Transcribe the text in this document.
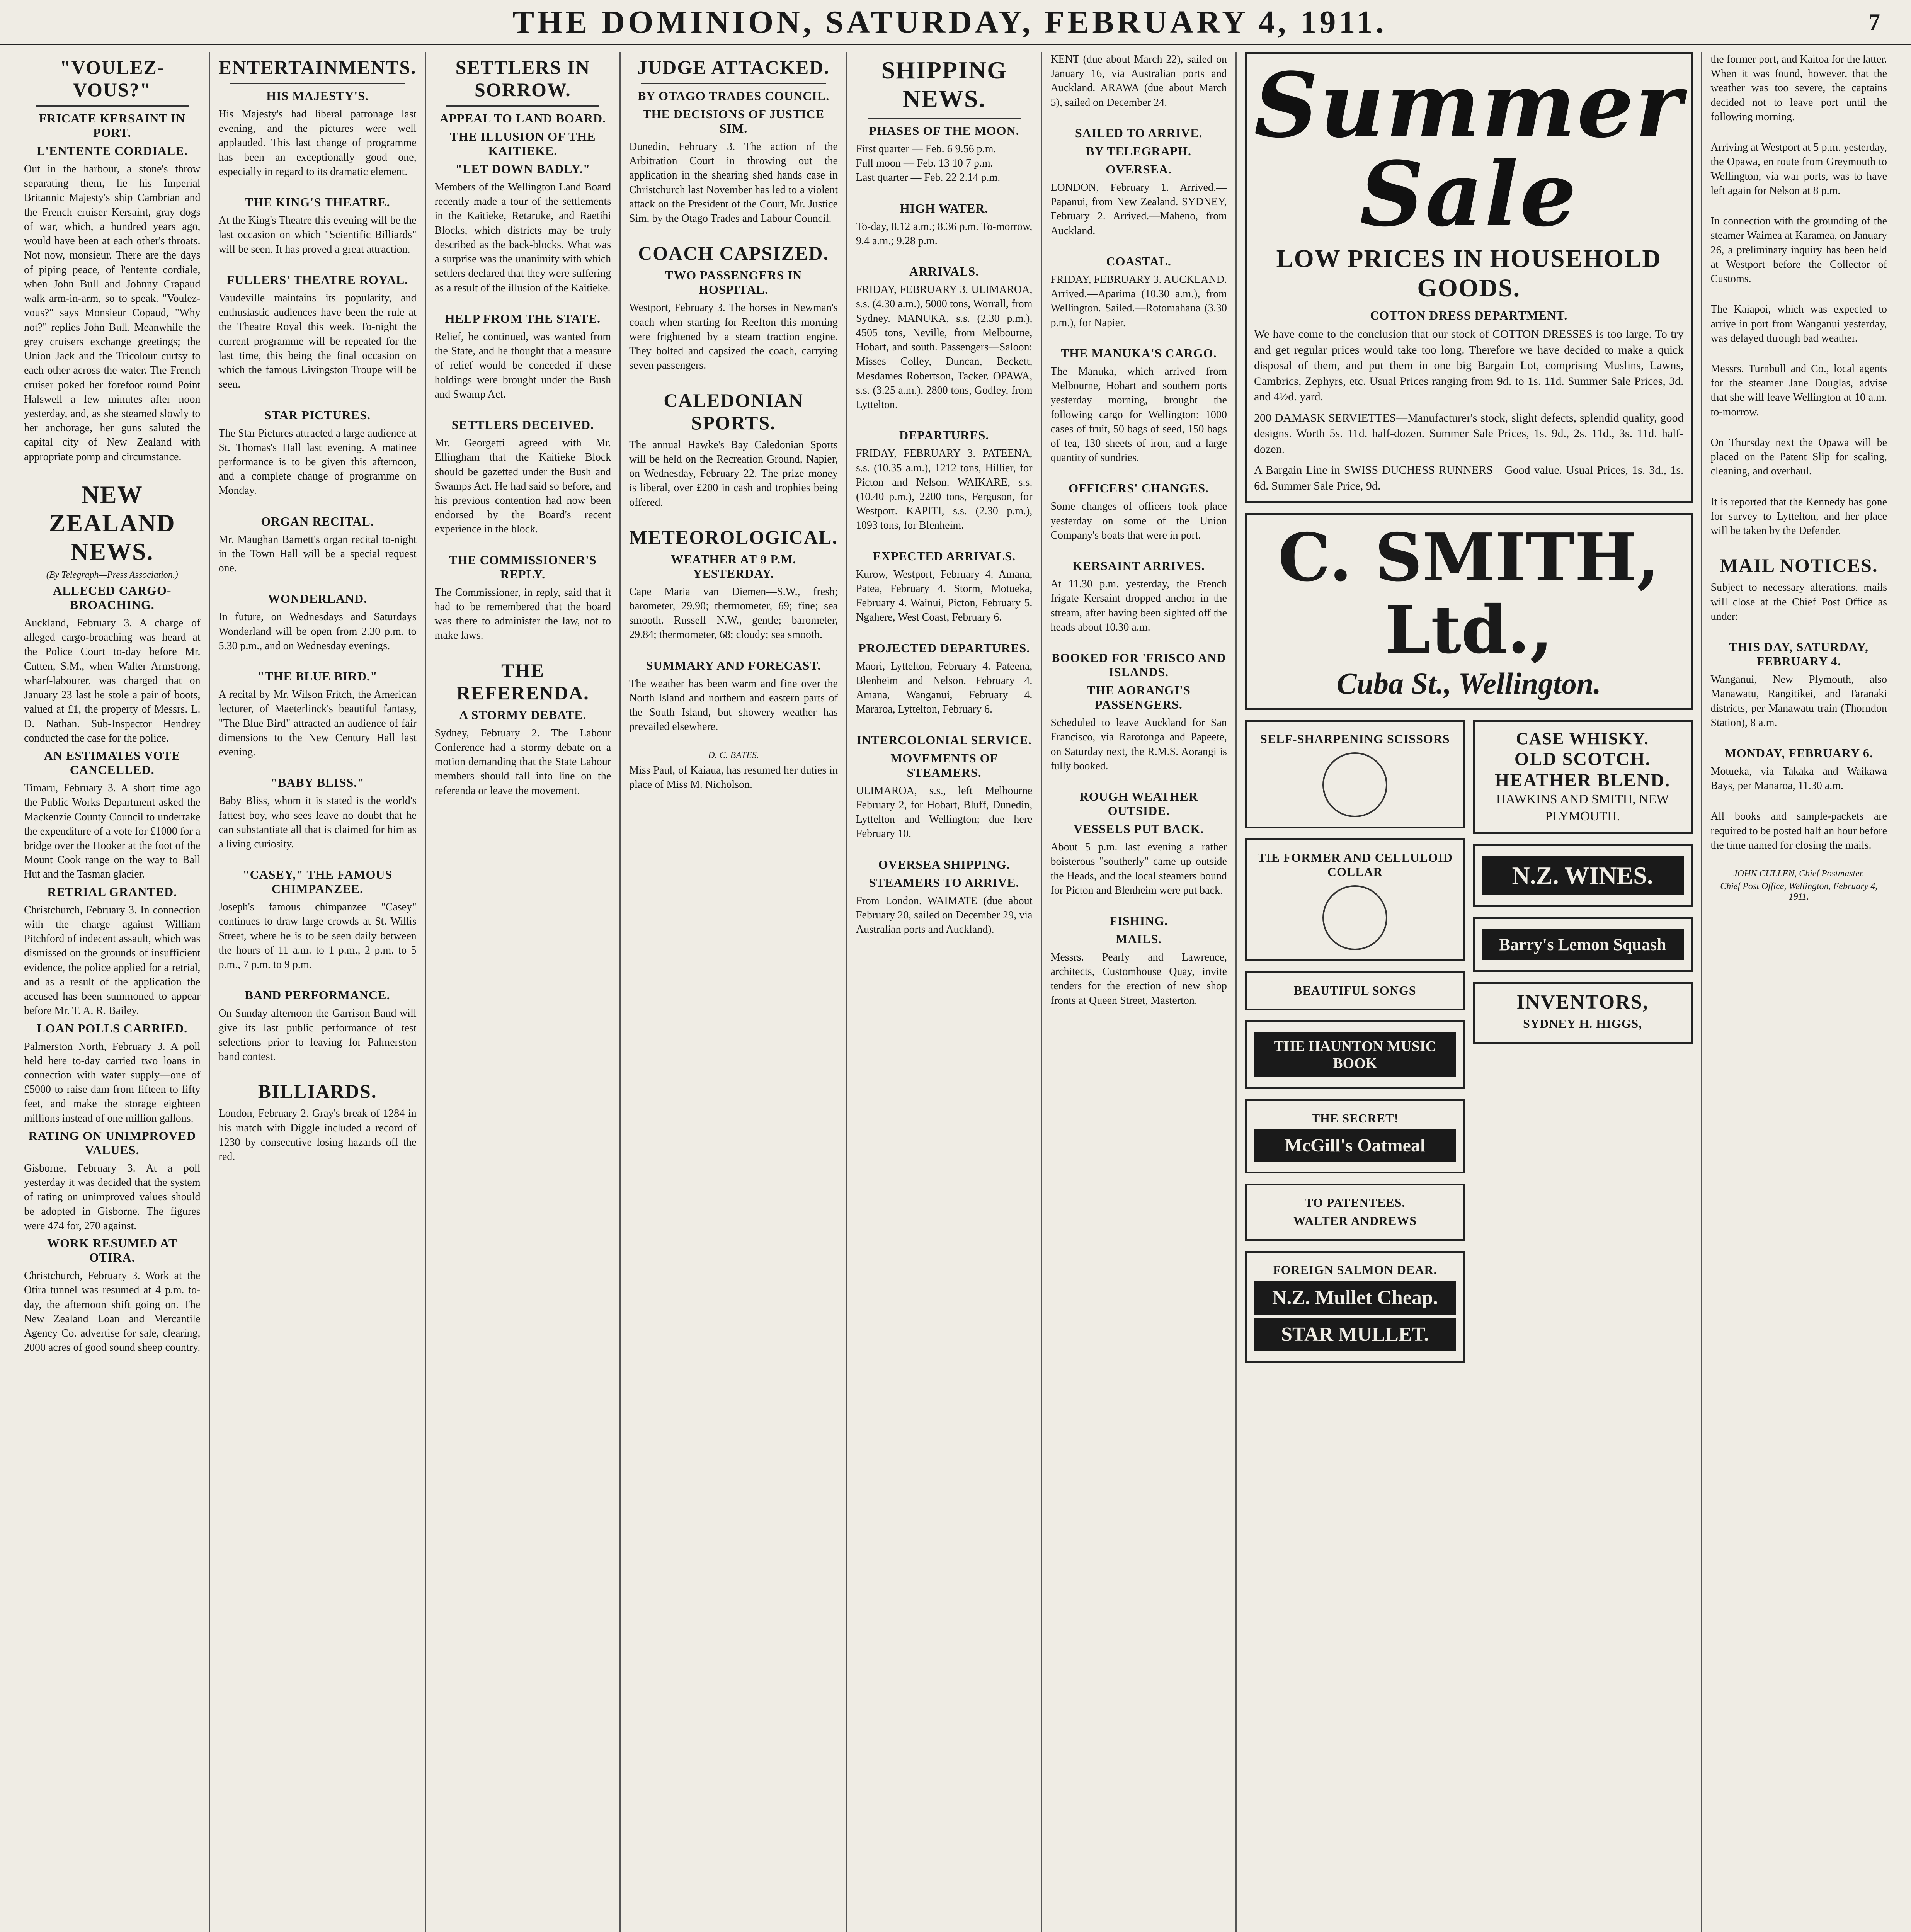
THE DOMINION, SATURDAY, FEBRUARY 4, 1911.	7
"VOULEZ-VOUS?"
FRICATE KERSAINT IN PORT.
L'ENTENTE CORDIALE.
Out in the harbour, a stone's throw separating them, lie his Imperial Britannic Majesty's ship Cambrian and the French cruiser Kersaint, gray dogs of war, which, a hundred years ago, would have been at each other's throats. Not now, monsieur. There are the days of piping peace, of l'entente cordiale, when John Bull and Johnny Crapaud walk arm-in-arm, so to speak. "Voulez-vous?" says Monsieur Copaud, "Why not?" replies John Bull. Meanwhile the grey cruisers exchange greetings; the Union Jack and the Tricolour curtsy to each other across the water. The French cruiser poked her forefoot round Point Halswell a few minutes after noon yesterday, and, as she steamed slowly to her anchorage, her guns saluted the capital city of New Zealand with appropriate pomp and circumstance.
NEW ZEALAND NEWS.
(By Telegraph—Press Association.)
ALLECED CARGO-BROACHING.
Auckland, February 3. A charge of alleged cargo-broaching was heard at the Police Court to-day before Mr. Cutten, S.M., when Walter Armstrong, wharf-labourer, was charged that on January 23 last he stole a pair of boots, valued at £1, the property of Messrs. L. D. Nathan. Sub-Inspector Hendrey conducted the case for the police.
AN ESTIMATES VOTE CANCELLED.
Timaru, February 3. A short time ago the Public Works Department asked the Mackenzie County Council to undertake the expenditure of a vote for £1000 for a bridge over the Hooker at the foot of the Mount Cook range on the way to Ball Hut and the Tasman glacier.
RETRIAL GRANTED.
Christchurch, February 3. In connection with the charge against William Pitchford of indecent assault, which was dismissed on the grounds of insufficient evidence, the police applied for a retrial, and as a result of the application the accused has been summoned to appear before Mr. T. A. R. Bailey.
LOAN POLLS CARRIED.
Palmerston North, February 3. A poll held here to-day carried two loans in connection with water supply—one of £5000 to raise dam from fifteen to fifty feet, and make the storage eighteen millions instead of one million gallons.
RATING ON UNIMPROVED VALUES.
Gisborne, February 3. At a poll yesterday it was decided that the system of rating on unimproved values should be adopted in Gisborne. The figures were 474 for, 270 against.
WORK RESUMED AT OTIRA.
Christchurch, February 3. Work at the Otira tunnel was resumed at 4 p.m. to-day, the afternoon shift going on. The New Zealand Loan and Mercantile Agency Co. advertise for sale, clearing, 2000 acres of good sound sheep country.
ENTERTAINMENTS.
HIS MAJESTY'S.
His Majesty's had liberal patronage last evening, and the pictures were well applauded. This last change of programme has been an exceptionally good one, especially in regard to its dramatic element.
THE KING'S THEATRE.
At the King's Theatre this evening will be the last occasion on which "Scientific Billiards" will be seen. It has proved a great attraction.
FULLERS' THEATRE ROYAL.
Vaudeville maintains its popularity, and enthusiastic audiences have been the rule at the Theatre Royal this week. To-night the current programme will be repeated for the last time, this being the final occasion on which the famous Livingston Troupe will be seen.
STAR PICTURES.
The Star Pictures attracted a large audience at St. Thomas's Hall last evening. A matinee performance is to be given this afternoon, and a complete change of programme on Monday.
ORGAN RECITAL.
Mr. Maughan Barnett's organ recital to-night in the Town Hall will be a special request one.
WONDERLAND.
In future, on Wednesdays and Saturdays Wonderland will be open from 2.30 p.m. to 5.30 p.m., and on Wednesday evenings.
"THE BLUE BIRD."
A recital by Mr. Wilson Fritch, the American lecturer, of Maeterlinck's beautiful fantasy, "The Blue Bird" attracted an audience of fair dimensions to the New Century Hall last evening.
"BABY BLISS."
Baby Bliss, whom it is stated is the world's fattest boy, who sees leave no doubt that he can substantiate all that is claimed for him as a living curiosity.
"CASEY," THE FAMOUS CHIMPANZEE.
Joseph's famous chimpanzee "Casey" continues to draw large crowds at St. Willis Street, where he is to be seen daily between the hours of 11 a.m. to 1 p.m., 2 p.m. to 5 p.m., 7 p.m. to 9 p.m.
BAND PERFORMANCE.
On Sunday afternoon the Garrison Band will give its last public performance of test selections prior to leaving for Palmerston band contest.
BILLIARDS.
London, February 2. Gray's break of 1284 in his match with Diggle included a record of 1230 by consecutive losing hazards off the red.
SETTLERS IN SORROW.
APPEAL TO LAND BOARD.
THE ILLUSION OF THE KAITIEKE.
"LET DOWN BADLY."
Members of the Wellington Land Board recently made a tour of the settlements in the Kaitieke, Retaruke, and Raetihi Blocks, which districts may be truly described as the back-blocks. What was a surprise was the unanimity with which settlers declared that they were suffering as a result of the illusion of the Kaitieke.
HELP FROM THE STATE.
Relief, he continued, was wanted from the State, and he thought that a measure of relief would be conceded if these holdings were brought under the Bush and Swamp Act.
SETTLERS DECEIVED.
Mr. Georgetti agreed with Mr. Ellingham that the Kaitieke Block should be gazetted under the Bush and Swamps Act. He had said so before, and his previous contention had now been endorsed by the Board's recent experience in the block.
THE COMMISSIONER'S REPLY.
The Commissioner, in reply, said that it had to be remembered that the board was there to administer the law, not to make laws.
THE REFERENDA.
A STORMY DEBATE.
Sydney, February 2. The Labour Conference had a stormy debate on a motion demanding that the State Labour members should fall into line on the referenda or leave the movement.
JUDGE ATTACKED.
BY OTAGO TRADES COUNCIL.
THE DECISIONS OF JUSTICE SIM.
Dunedin, February 3. The action of the Arbitration Court in throwing out the application in the shearing shed hands case in Christchurch last November has led to a violent attack on the President of the Court, Mr. Justice Sim, by the Otago Trades and Labour Council.
COACH CAPSIZED.
TWO PASSENGERS IN HOSPITAL.
Westport, February 3. The horses in Newman's coach when starting for Reefton this morning were frightened by a steam traction engine. They bolted and capsized the coach, carrying seven passengers.
CALEDONIAN SPORTS.
The annual Hawke's Bay Caledonian Sports will be held on the Recreation Ground, Napier, on Wednesday, February 22. The prize money is liberal, over £200 in cash and trophies being offered.
METEOROLOGICAL.
WEATHER AT 9 P.M. YESTERDAY.
Cape Maria van Diemen—S.W., fresh; barometer, 29.90; thermometer, 69; fine; sea smooth. Russell—N.W., gentle; barometer, 29.84; thermometer, 68; cloudy; sea smooth.
SUMMARY AND FORECAST.
The weather has been warm and fine over the North Island and northern and eastern parts of the South Island, but showery weather has prevailed elsewhere.
D. C. BATES.
Miss Paul, of Kaiaua, has resumed her duties in place of Miss M. Nicholson.
SHIPPING NEWS.
PHASES OF THE MOON.
First quarter — Feb. 6 9.56 p.m.
Full moon — Feb. 13 10 7 p.m.
Last quarter — Feb. 22 2.14 p.m.
HIGH WATER.
To-day, 8.12 a.m.; 8.36 p.m. To-morrow, 9.4 a.m.; 9.28 p.m.
ARRIVALS.
FRIDAY, FEBRUARY 3. ULIMAROA, s.s. (4.30 a.m.), 5000 tons, Worrall, from Sydney. MANUKA, s.s. (2.30 p.m.), 4505 tons, Neville, from Melbourne, Hobart, and south. Passengers—Saloon: Misses Colley, Duncan, Beckett, Mesdames Robertson, Tacker. OPAWA, s.s. (3.25 a.m.), 2800 tons, Godley, from Lyttelton.
DEPARTURES.
FRIDAY, FEBRUARY 3. PATEENA, s.s. (10.35 a.m.), 1212 tons, Hillier, for Picton and Nelson. WAIKARE, s.s. (10.40 p.m.), 2200 tons, Ferguson, for Westport. KAPITI, s.s. (2.30 p.m.), 1093 tons, for Blenheim.
EXPECTED ARRIVALS.
Kurow, Westport, February 4. Amana, Patea, February 4. Storm, Motueka, February 4. Wainui, Picton, February 5. Ngahere, West Coast, February 6.
PROJECTED DEPARTURES.
Maori, Lyttelton, February 4. Pateena, Blenheim and Nelson, February 4. Amana, Wanganui, February 4. Mararoa, Lyttelton, February 6.
INTERCOLONIAL SERVICE.
MOVEMENTS OF STEAMERS.
ULIMAROA, s.s., left Melbourne February 2, for Hobart, Bluff, Dunedin, Lyttelton and Wellington; due here February 10.
OVERSEA SHIPPING.
STEAMERS TO ARRIVE.
From London. WAIMATE (due about February 20, sailed on December 29, via Australian ports and Auckland).
KENT (due about March 22), sailed on January 16, via Australian ports and Auckland. ARAWA (due about March 5), sailed on December 24.
SAILED TO ARRIVE.
BY TELEGRAPH.
OVERSEA.
LONDON, February 1. Arrived.—Papanui, from New Zealand. SYDNEY, February 2. Arrived.—Maheno, from Auckland.
COASTAL.
FRIDAY, FEBRUARY 3. AUCKLAND. Arrived.—Aparima (10.30 a.m.), from Wellington. Sailed.—Rotomahana (3.30 p.m.), for Napier.
THE MANUKA'S CARGO.
The Manuka, which arrived from Melbourne, Hobart and southern ports yesterday morning, brought the following cargo for Wellington: 1000 cases of fruit, 50 bags of seed, 150 bags of tea, 130 sheets of iron, and a large quantity of sundries.
OFFICERS' CHANGES.
Some changes of officers took place yesterday on some of the Union Company's boats that were in port.
KERSAINT ARRIVES.
At 11.30 p.m. yesterday, the French frigate Kersaint dropped anchor in the stream, after having been sighted off the heads about 10.30 a.m.
BOOKED FOR 'FRISCO AND ISLANDS.
THE AORANGI'S PASSENGERS.
Scheduled to leave Auckland for San Francisco, via Rarotonga and Papeete, on Saturday next, the R.M.S. Aorangi is fully booked.
ROUGH WEATHER OUTSIDE.
VESSELS PUT BACK.
About 5 p.m. last evening a rather boisterous "southerly" came up outside the Heads, and the local steamers bound for Picton and Blenheim were put back.
FISHING.
MAILS.
Messrs. Pearly and Lawrence, architects, Customhouse Quay, invite tenders for the erection of new shop fronts at Queen Street, Masterton.
Summer
Sale
LOW PRICES IN HOUSEHOLD GOODS.
COTTON DRESS DEPARTMENT.
We have come to the conclusion that our stock of COTTON DRESSES is too large. To try and get regular prices would take too long. Therefore we have decided to make a quick disposal of them, and put them in one big Bargain Lot, comprising Muslins, Lawns, Cambrics, Zephyrs, etc. Usual Prices ranging from 9d. to 1s. 11d. Summer Sale Prices, 3d. and 4½d. yard.
200 DAMASK SERVIETTES—Manufacturer's stock, slight defects, splendid quality, good designs. Worth 5s. 11d. half-dozen. Summer Sale Prices, 1s. 9d., 2s. 11d., 3s. 11d. half-dozen.
A Bargain Line in SWISS DUCHESS RUNNERS—Good value. Usual Prices, 1s. 3d., 1s. 6d. Summer Sale Price, 9d.
C. SMITH, Ltd.,
Cuba St., Wellington.
SELF-SHARPENING SCISSORS
TIE FORMER AND CELLULOID COLLAR
BEAUTIFUL SONGS
THE HAUNTON MUSIC BOOK
THE SECRET!
McGill's Oatmeal
TO PATENTEES.
WALTER ANDREWS
FOREIGN SALMON DEAR.
N.Z. Mullet Cheap.
STAR MULLET.
CASE WHISKY.
OLD SCOTCH.
HEATHER BLEND.
HAWKINS AND SMITH, NEW PLYMOUTH.
N.Z. WINES.
Barry's Lemon Squash
INVENTORS,
SYDNEY H. HIGGS,
the former port, and Kaitoa for the latter. When it was found, however, that the weather was too severe, the captains decided not to leave port until the following morning.
Arriving at Westport at 5 p.m. yesterday, the Opawa, en route from Greymouth to Wellington, via war ports, was to have left again for Nelson at 8 p.m.
In connection with the grounding of the steamer Waimea at Karamea, on January 26, a preliminary inquiry has been held at Westport before the Collector of Customs.
The Kaiapoi, which was expected to arrive in port from Wanganui yesterday, was delayed through bad weather.
Messrs. Turnbull and Co., local agents for the steamer Jane Douglas, advise that she will leave Wellington at 10 a.m. to-morrow.
On Thursday next the Opawa will be placed on the Patent Slip for scaling, cleaning, and overhaul.
It is reported that the Kennedy has gone for survey to Lyttelton, and her place will be taken by the Defender.
MAIL NOTICES.
Subject to necessary alterations, mails will close at the Chief Post Office as under:
THIS DAY, SATURDAY, FEBRUARY 4.
Wanganui, New Plymouth, also Manawatu, Rangitikei, and Taranaki districts, per Manawatu train (Thorndon Station), 8 a.m.
MONDAY, FEBRUARY 6.
Motueka, via Takaka and Waikawa Bays, per Manaroa, 11.30 a.m.
All books and sample-packets are required to be posted half an hour before the time named for closing the mails.
JOHN CULLEN, Chief Postmaster.
Chief Post Office, Wellington, February 4, 1911.
